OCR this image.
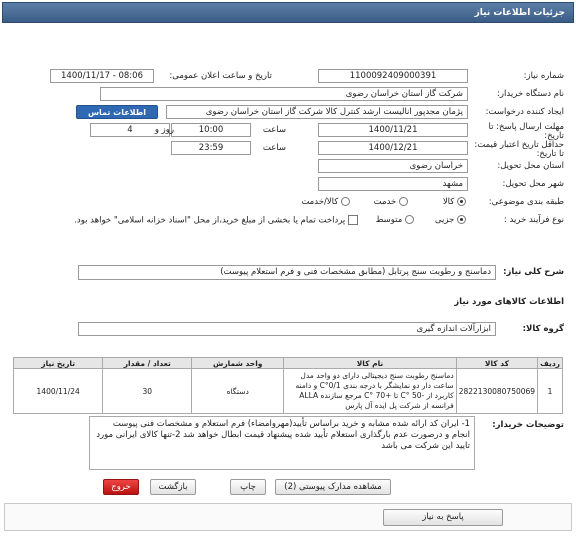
جزئیات اطلاعات نیاز
شماره نیاز:
1100092409000391
تاریخ و ساعت اعلان عمومی:
1400/11/17 - 08:06
نام دستگاه خریدار:
شرکت گاز استان خراسان رضوی
ایجاد کننده درخواست:
پژمان مجدپور انالیست ارشد کنترل کالا شرکت گاز استان خراسان رضوی
اطلاعات تماس
مهلت ارسال پاسخ: تا تاریخ:
1400/11/21
ساعت
10:00
4	روز و
حداقل تاریخ اعتبار قیمت: تا تاریخ:
1400/12/21
ساعت
23:59
استان محل تحویل:
خراسان رضوی
شهر محل تحویل:
مشهد
طبقه بندی موضوعی:
کالا
خدمت
کالا/خدمت
نوع فرآیند خرید :
جزیی
متوسط
پرداخت تمام یا بخشی از مبلغ خرید،از محل "اسناد خزانه اسلامی" خواهد بود.
شرح کلی نیاز:
دماسنج و رطوبت سنج پرتابل (مطابق مشخصات فنی و فرم استعلام پیوست)
اطلاعات کالاهای مورد نیاز
گروه کالا:
ابزارآلات اندازه گیری
ردیف	کد کالا	نام کالا	واحد شمارش	تعداد / مقدار	تاریخ نیاز
1	2822130080750069	دماسنج رطوبت سنج دیجیتالی دارای دو واحد مدل ساعت دار دو نمایشگر با درجه بندی 0/1°C و دامنه کاربرد از -50 °C تا +70 °C مرجع سازنده ALLA فرانسه از شرکت پل ایده آل پارس	دستگاه	30	1400/11/24
توضیحات خریدار:
1- ایران کد ارائه شده مشابه و خرید براساس تأیید(مهروامضاء) فرم استعلام و مشخصات فنی پیوست انجام و درصورت عدم بارگذاری استعلام تأیید شده پیشنهاد قیمت ابطال خواهد شد 2-تنها کالای ایرانی مورد تایید این شرکت می باشد
مشاهده مدارک پیوستی (2)
چاپ
بازگشت
خروج
پاسخ به نیاز
